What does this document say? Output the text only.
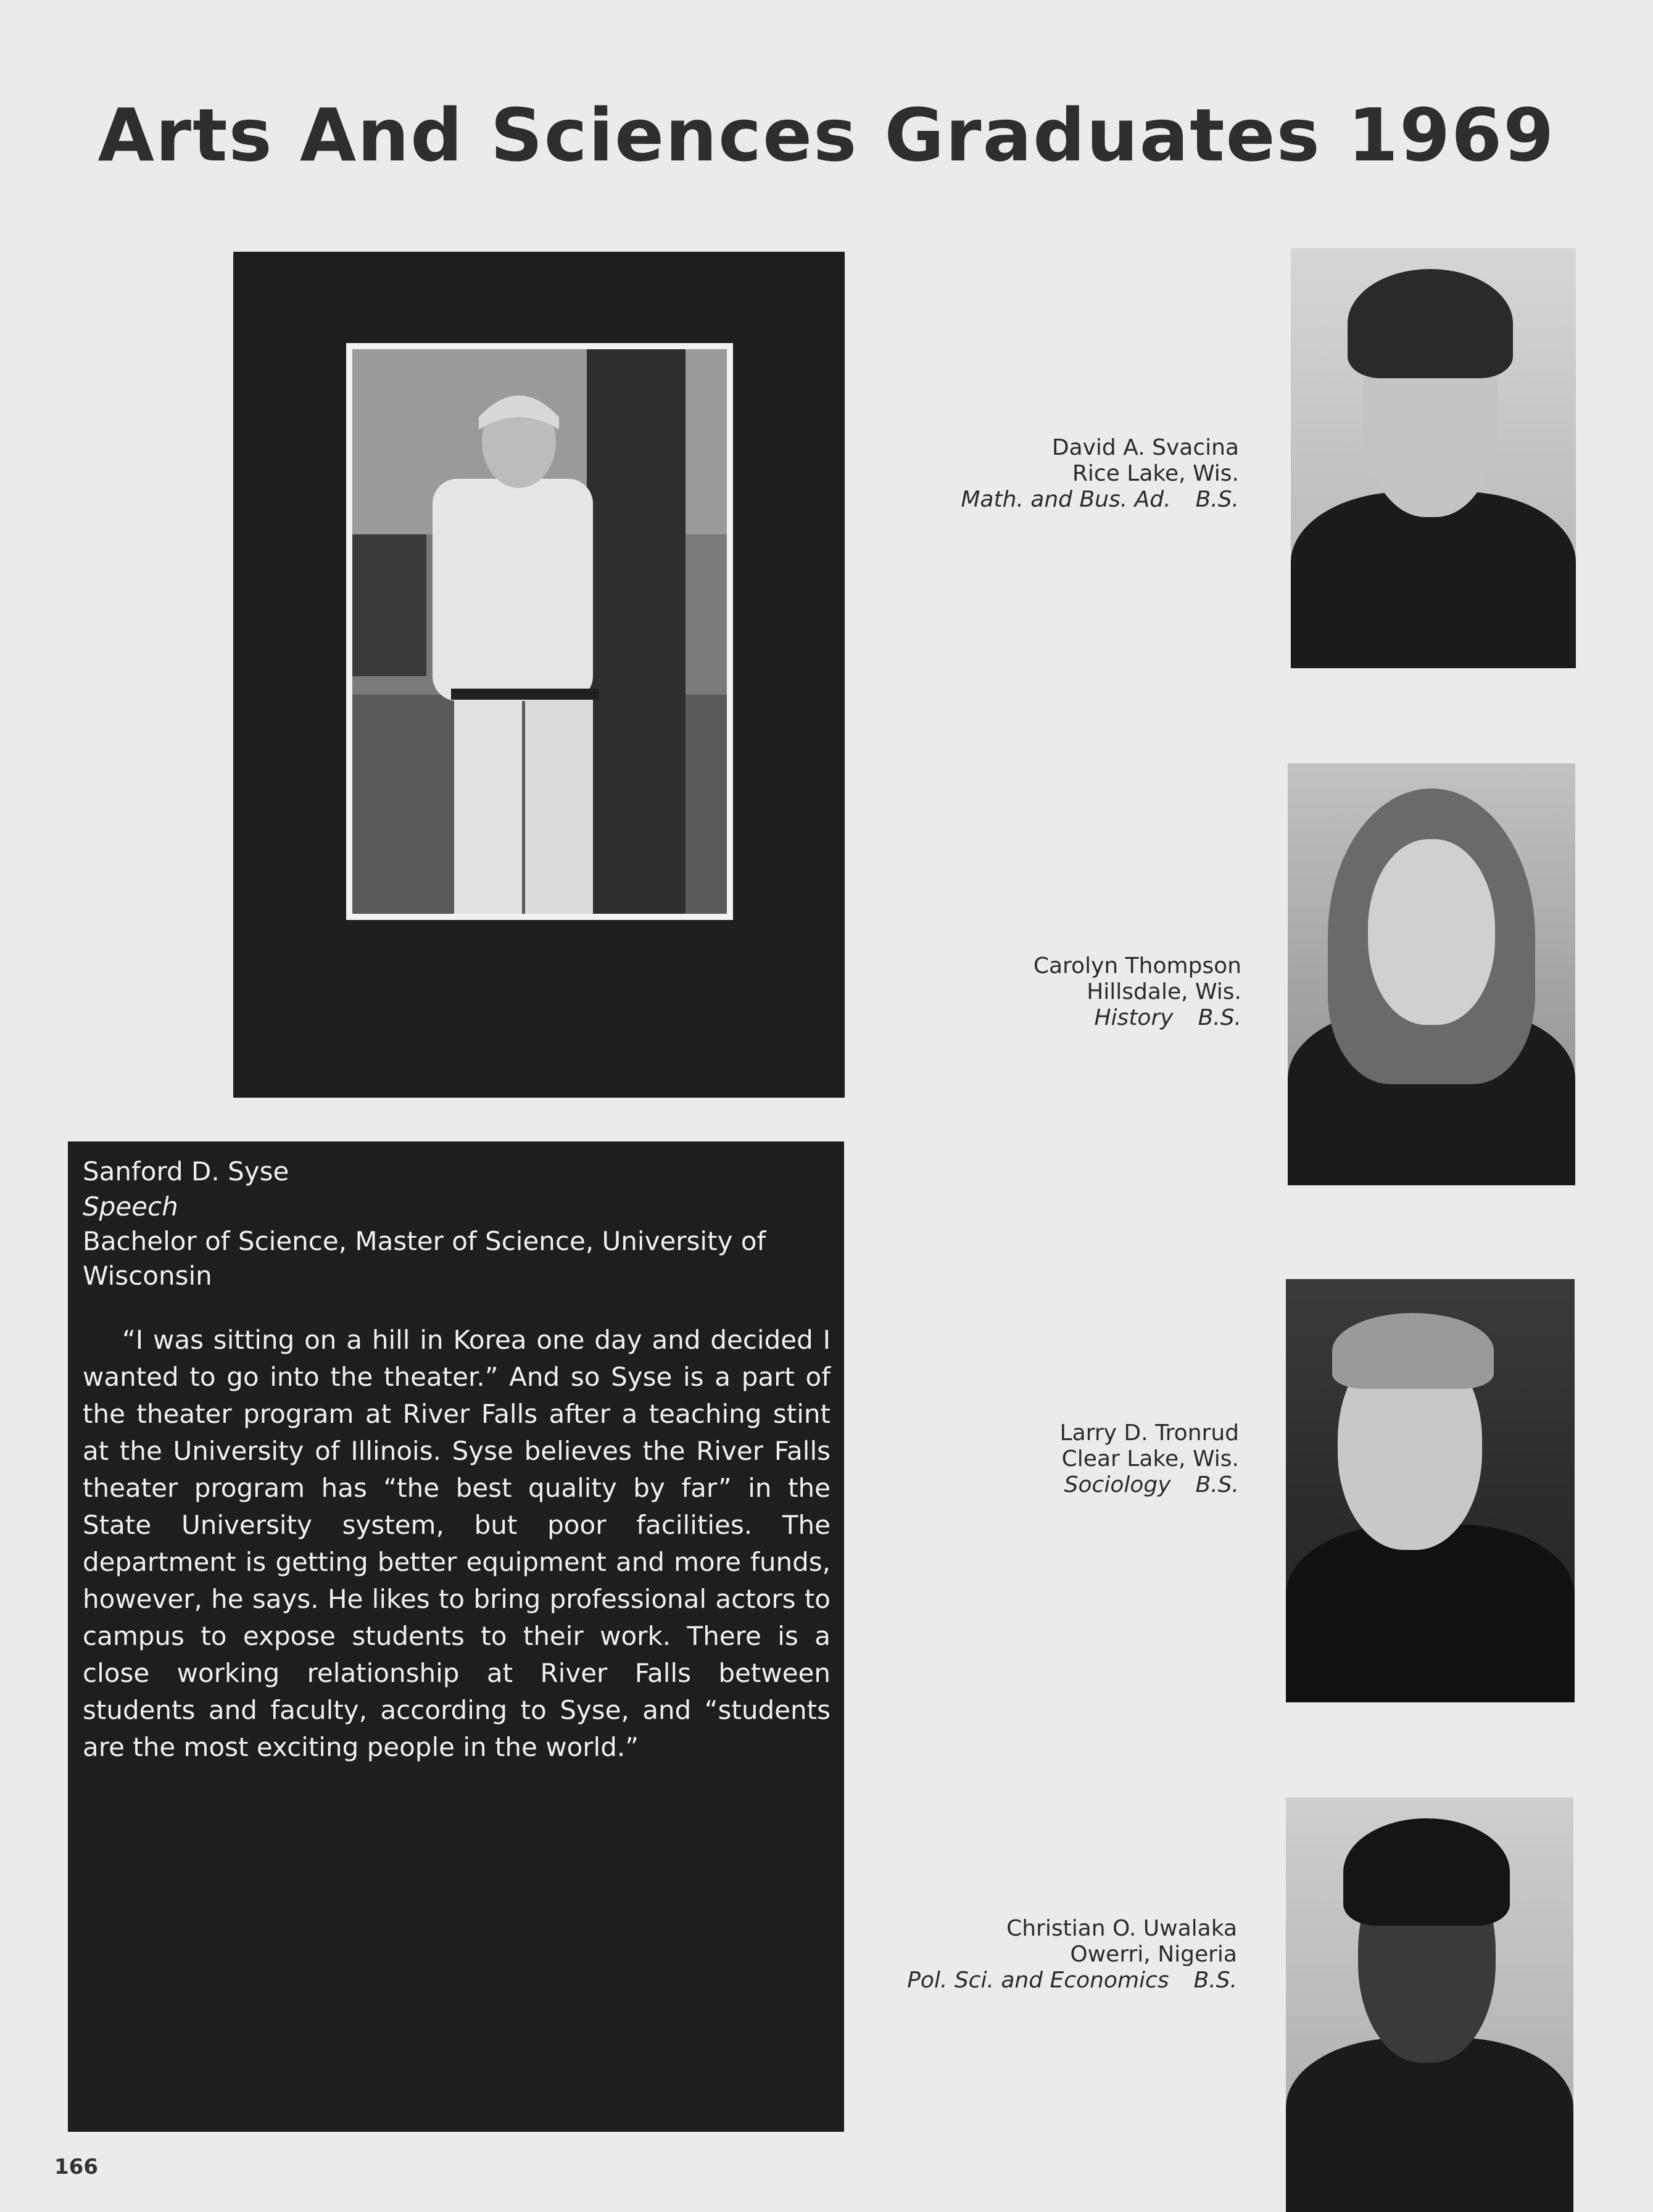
Arts And Sciences Graduates 1969
Sanford D. Syse
Speech
Bachelor of Science, Master of Science, University of Wisconsin
“I was sitting on a hill in Korea one day and decided I wanted to go into the theater.” And so Syse is a part of the theater program at River Falls after a teaching stint at the University of Illinois. Syse believes the River Falls theater program has “the best quality by far” in the State University system, but poor facilities. The department is getting better equipment and more funds, however, he says. He likes to bring professional actors to campus to expose students to their work. There is a close working relationship at River Falls between students and faculty, according to Syse, and “students are the most exciting people in the world.”
David A. Svacina
Rice Lake, Wis.
Math. and Bus. Ad. B.S.
Carolyn Thompson
Hillsdale, Wis.
History B.S.
Larry D. Tronrud
Clear Lake, Wis.
Sociology B.S.
Christian O. Uwalaka
Owerri, Nigeria
Pol. Sci. and Economics B.S.
166
